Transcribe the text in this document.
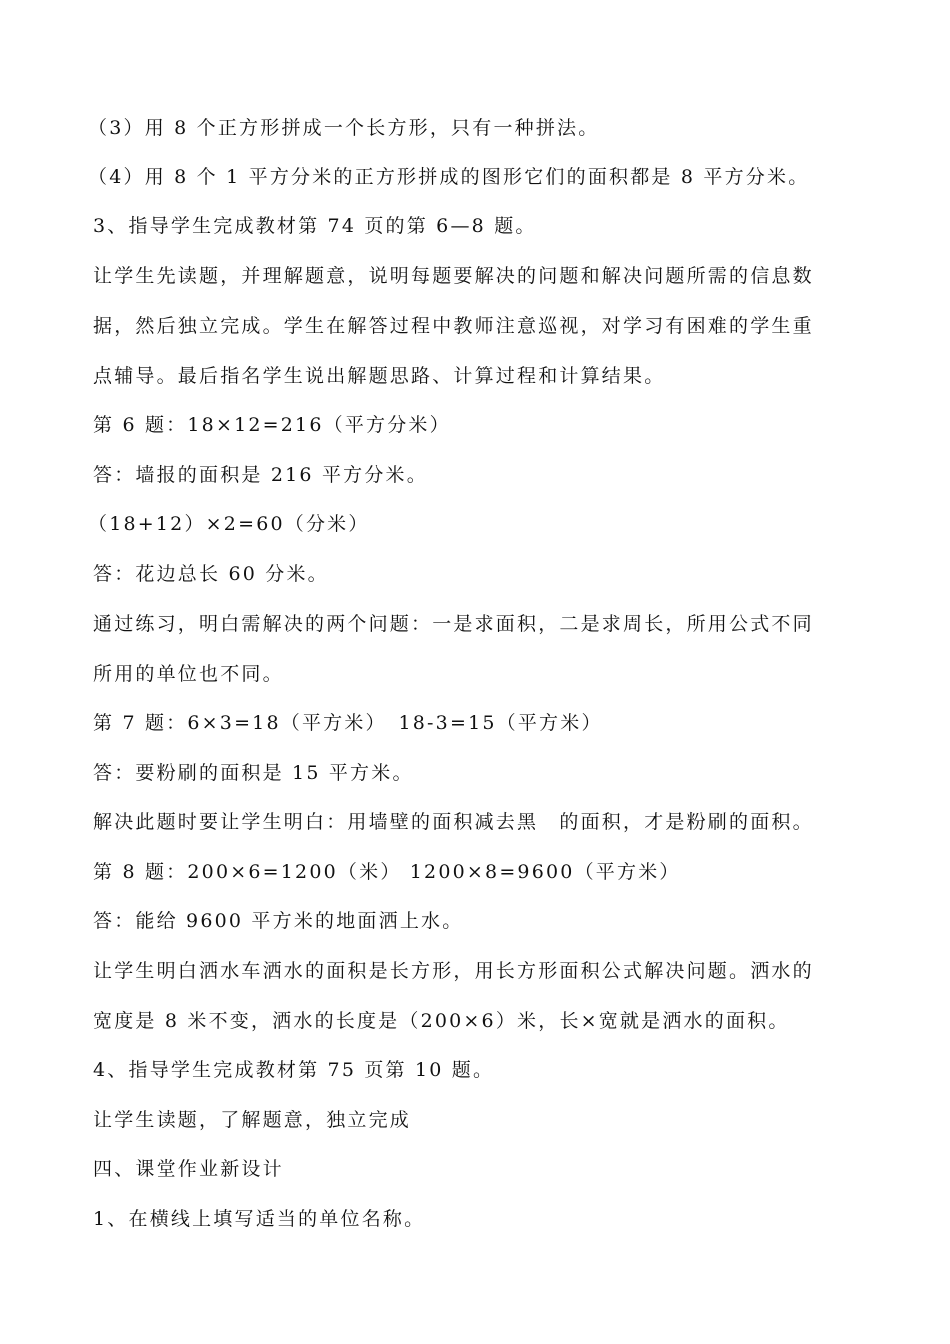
（3）用 8 个正方形拼成一个长方形，只有一种拼法。
（4）用 8 个 1 平方分米的正方形拼成的图形它们的面积都是 8 平方分米。
3、指导学生完成教材第 74 页的第 6—8 题。
让学生先读题，并理解题意，说明每题要解决的问题和解决问题所需的信息数
据，然后独立完成。学生在解答过程中教师注意巡视，对学习有困难的学生重
点辅导。最后指名学生说出解题思路、计算过程和计算结果。
第 6 题：18×12=216（平方分米）
答：墙报的面积是 216 平方分米。
（18+12）×2=60（分米）
答：花边总长 60 分米。
通过练习，明白需解决的两个问题：一是求面积，二是求周长，所用公式不同
所用的单位也不同。
第 7 题：6×3=18（平方米）　18-3=15（平方米）
答：要粉刷的面积是 15 平方米。
解决此题时要让学生明白：用墙壁的面积减去黑　的面积，才是粉刷的面积。
第 8 题：200×6=1200（米） 1200×8=9600（平方米）
答：能给 9600 平方米的地面洒上水。
让学生明白洒水车洒水的面积是长方形，用长方形面积公式解决问题。洒水的
宽度是 8 米不变，洒水的长度是（200×6）米，长×宽就是洒水的面积。
4、指导学生完成教材第 75 页第 10 题。
让学生读题，了解题意，独立完成
四、课堂作业新设计
1、在横线上填写适当的单位名称。
